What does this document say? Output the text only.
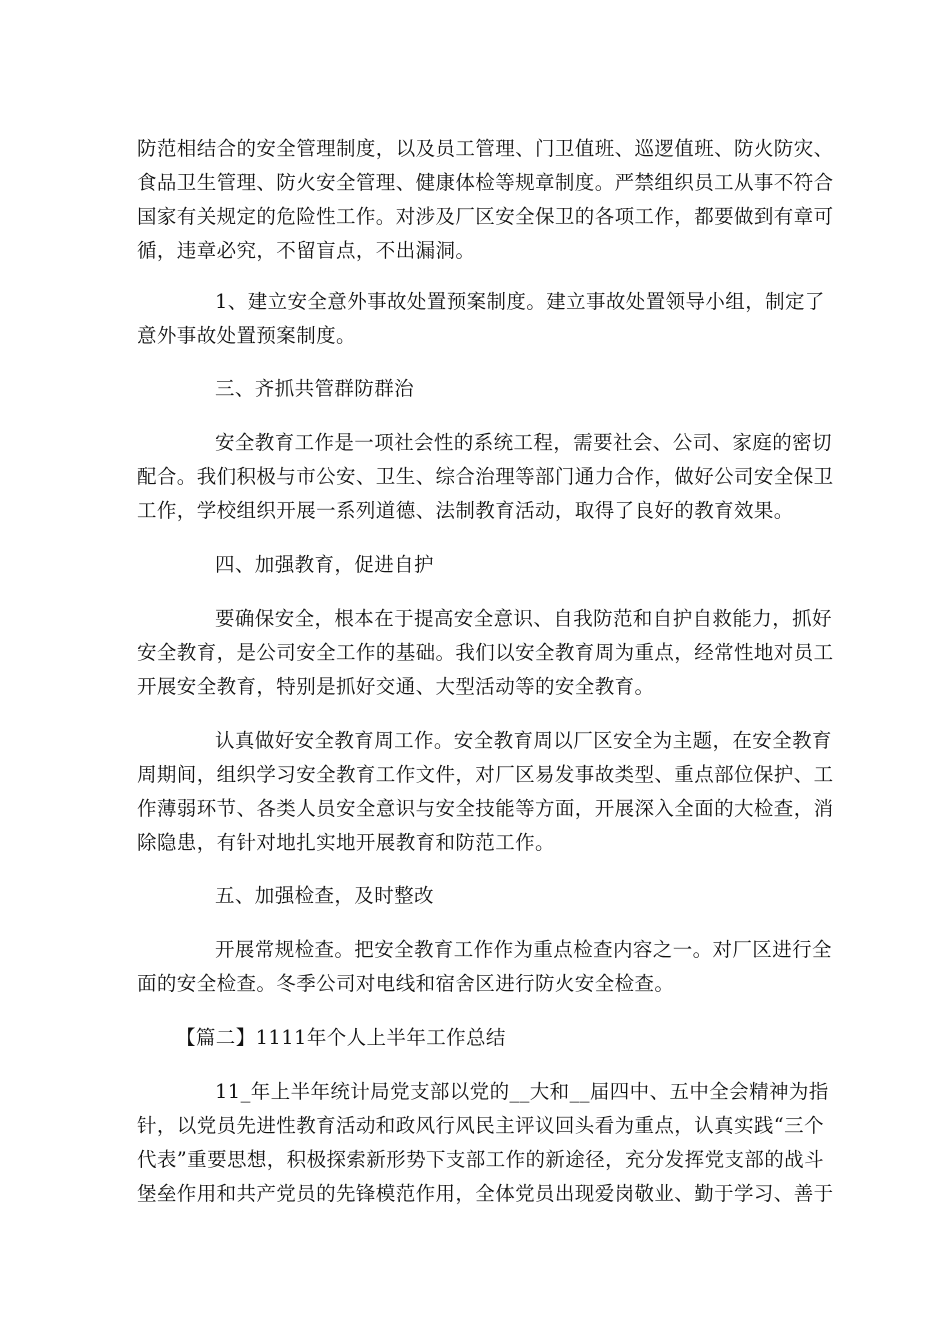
防范相结合的安全管理制度，以及员工管理、门卫值班、巡逻值班、防火防灾、
食品卫生管理、防火安全管理、健康体检等规章制度。严禁组织员工从事不符合
国家有关规定的危险性工作。对涉及厂区安全保卫的各项工作，都要做到有章可
循，违章必究，不留盲点，不出漏洞。
1、建立安全意外事故处置预案制度。建立事故处置领导小组，制定了
意外事故处置预案制度。
三、齐抓共管群防群治
安全教育工作是一项社会性的系统工程，需要社会、公司、家庭的密切
配合。我们积极与市公安、卫生、综合治理等部门通力合作，做好公司安全保卫
工作，学校组织开展一系列道德、法制教育活动，取得了良好的教育效果。
四、加强教育，促进自护
要确保安全，根本在于提高安全意识、自我防范和自护自救能力，抓好
安全教育，是公司安全工作的基础。我们以安全教育周为重点，经常性地对员工
开展安全教育，特别是抓好交通、大型活动等的安全教育。
认真做好安全教育周工作。安全教育周以厂区安全为主题，在安全教育
周期间，组织学习安全教育工作文件，对厂区易发事故类型、重点部位保护、工
作薄弱环节、各类人员安全意识与安全技能等方面，开展深入全面的大检查，消
除隐患，有针对地扎实地开展教育和防范工作。
五、加强检查，及时整改
开展常规检查。把安全教育工作作为重点检查内容之一。对厂区进行全
面的安全检查。冬季公司对电线和宿舍区进行防火安全检查。
【篇二】1111年个人上半年工作总结
11_年上半年统计局党支部以党的__大和__届四中、五中全会精神为指
针，以党员先进性教育活动和政风行风民主评议回头看为重点，认真实践“三个
代表”重要思想，积极探索新形势下支部工作的新途径，充分发挥党支部的战斗
堡垒作用和共产党员的先锋模范作用，全体党员出现爱岗敬业、勤于学习、善于
